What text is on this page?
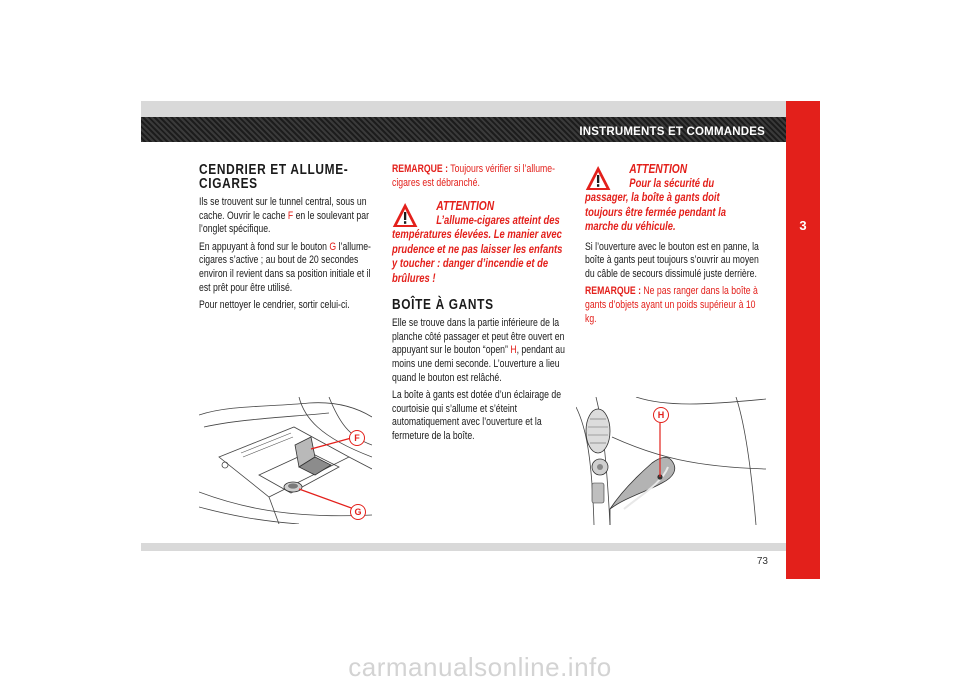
INSTRUMENTS ET COMMANDES
3
CENDRIER ET ALLUME-
CIGARES

Ils se trouvent sur le tunnel central, sous un cache. Ouvrir le cache F en le soulevant par l’onglet spécifique.

En appuyant à fond sur le bouton G l’allume-cigares s’active ; au bout de 20 secondes environ il revient dans sa position initiale et il est prêt pour être utilisé.

Pour nettoyer le cendrier, sortir celui-ci.

REMARQUE : Toujours vérifier si l’allume-cigares est débranché.

ATTENTION
L’allume-cigares atteint des températures élevées. Le manier avec prudence et ne pas laisser les enfants y toucher : danger d’incendie et de brûlures !
BOÎTE À GANTS

Elle se trouve dans la partie inférieure de la planche côté passager et peut être ouvert en appuyant sur le bouton “open” H, pendant au moins une demi seconde. L’ouverture a lieu quand le bouton est relâché.

La boîte à gants est dotée d’un éclairage de courtoisie qui s’allume et s’éteint automatiquement avec l’ouverture et la fermeture de la boîte.

ATTENTION
Pour la sécurité du passager, la boîte à gants doit toujours être fermée pendant la marche du véhicule.

Si l’ouverture avec le bouton est en panne, la boîte à gants peut toujours s’ouvrir au moyen du câble de secours dissimulé juste derrière.

REMARQUE : Ne pas ranger dans la boîte à gants d’objets ayant un poids supérieur à 10 kg.

F
G
H
73
carmanualsonline.info
